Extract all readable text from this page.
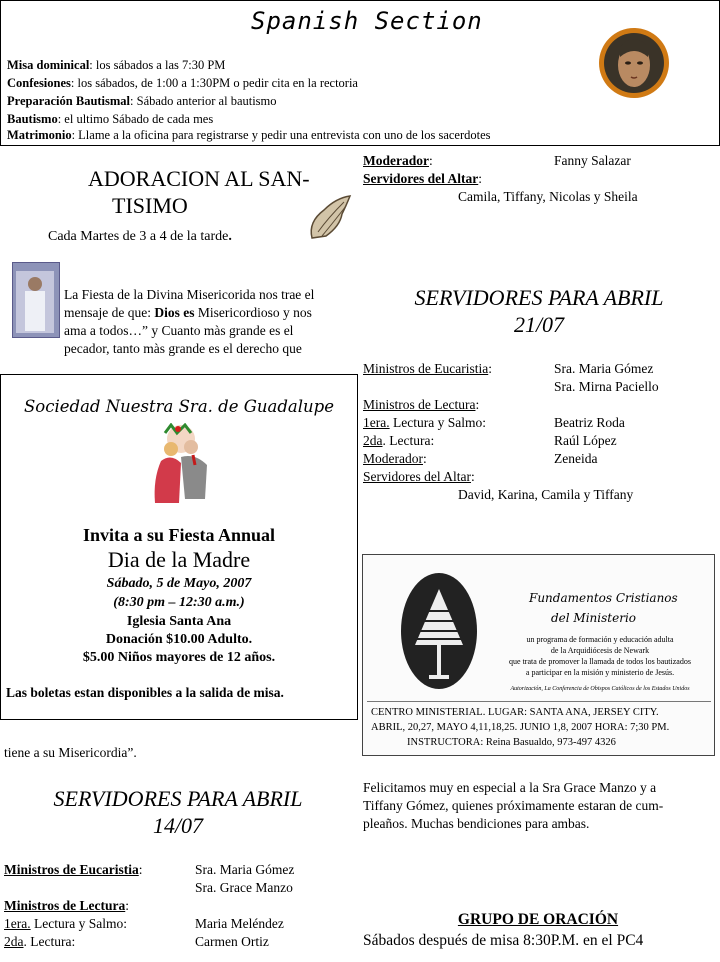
Spanish Section
Misa dominical: los sábados a las 7:30 PM
Confesiones: los sábados, de 1:00 a 1:30PM o pedir cita en la rectoria
Preparación Bautismal: Sábado anterior al bautismo
Bautismo: el ultimo Sábado de cada mes
Matrimonio: Llame a la oficina para registrarse y pedir una entrevista con uno de los sacerdotes
ADORACION AL SAN-
TISIMO
Cada Martes de 3 a 4 de la tarde.
La Fiesta de la Divina Misericorida nos trae el
mensaje de que: Dios es Misericordioso y nos
ama a todos…” y Cuanto màs grande es el
pecador, tanto màs grande es el derecho que
Moderador:	Fanny Salazar
Servidores del Altar:
Camila, Tiffany, Nicolas y Sheila
SERVIDORES PARA ABRIL
21/07
Ministros de Eucaristia:	Sra. Maria Gómez
Sra. Mirna Paciello
Ministros de Lectura:
1era. Lectura y Salmo:	Beatriz Roda
2da. Lectura:	Raúl López
Moderador:	Zeneida
Servidores del Altar:
David, Karina, Camila y Tiffany
Sociedad Nuestra Sra. de Guadalupe
Invita a su Fiesta Annual
Dia de la Madre
Sábado, 5 de Mayo, 2007
(8:30 pm – 12:30 a.m.)
Iglesia Santa Ana
Donación $10.00 Adulto.
$5.00 Niños mayores de 12 años.
Las boletas estan disponibles a la salida de misa.
tiene a su Misericordia”.
Fundamentos Cristianos
del Ministerio
un programa de formación y educación adulta
de la Arquidiócesis de Newark
que trata de promover la llamada de todos los bautizados
a participar en la misión y ministerio de Jesús.
Autorización, La Conferencia de Obispos Católicos de los Estados Unidos
CENTRO MINISTERIAL. LUGAR: SANTA ANA, JERSEY CITY.
ABRIL, 20,27, MAYO 4,11,18,25. JUNIO 1,8, 2007 HORA: 7;30 PM.
INSTRUCTORA: Reina Basualdo, 973-497 4326
Felicitamos muy en especial a la Sra Grace Manzo y a
Tiffany Gómez, quienes próximamente estaran de cum-
pleaños. Muchas bendiciones para ambas.
SERVIDORES PARA ABRIL
14/07
Ministros de Eucaristia:	Sra. Maria Gómez
Sra. Grace Manzo
Ministros de Lectura:
1era. Lectura y Salmo:	Maria Meléndez
2da. Lectura:	Carmen Ortiz
GRUPO DE ORACIÓN
Sábados después de misa 8:30P.M. en el PC4
